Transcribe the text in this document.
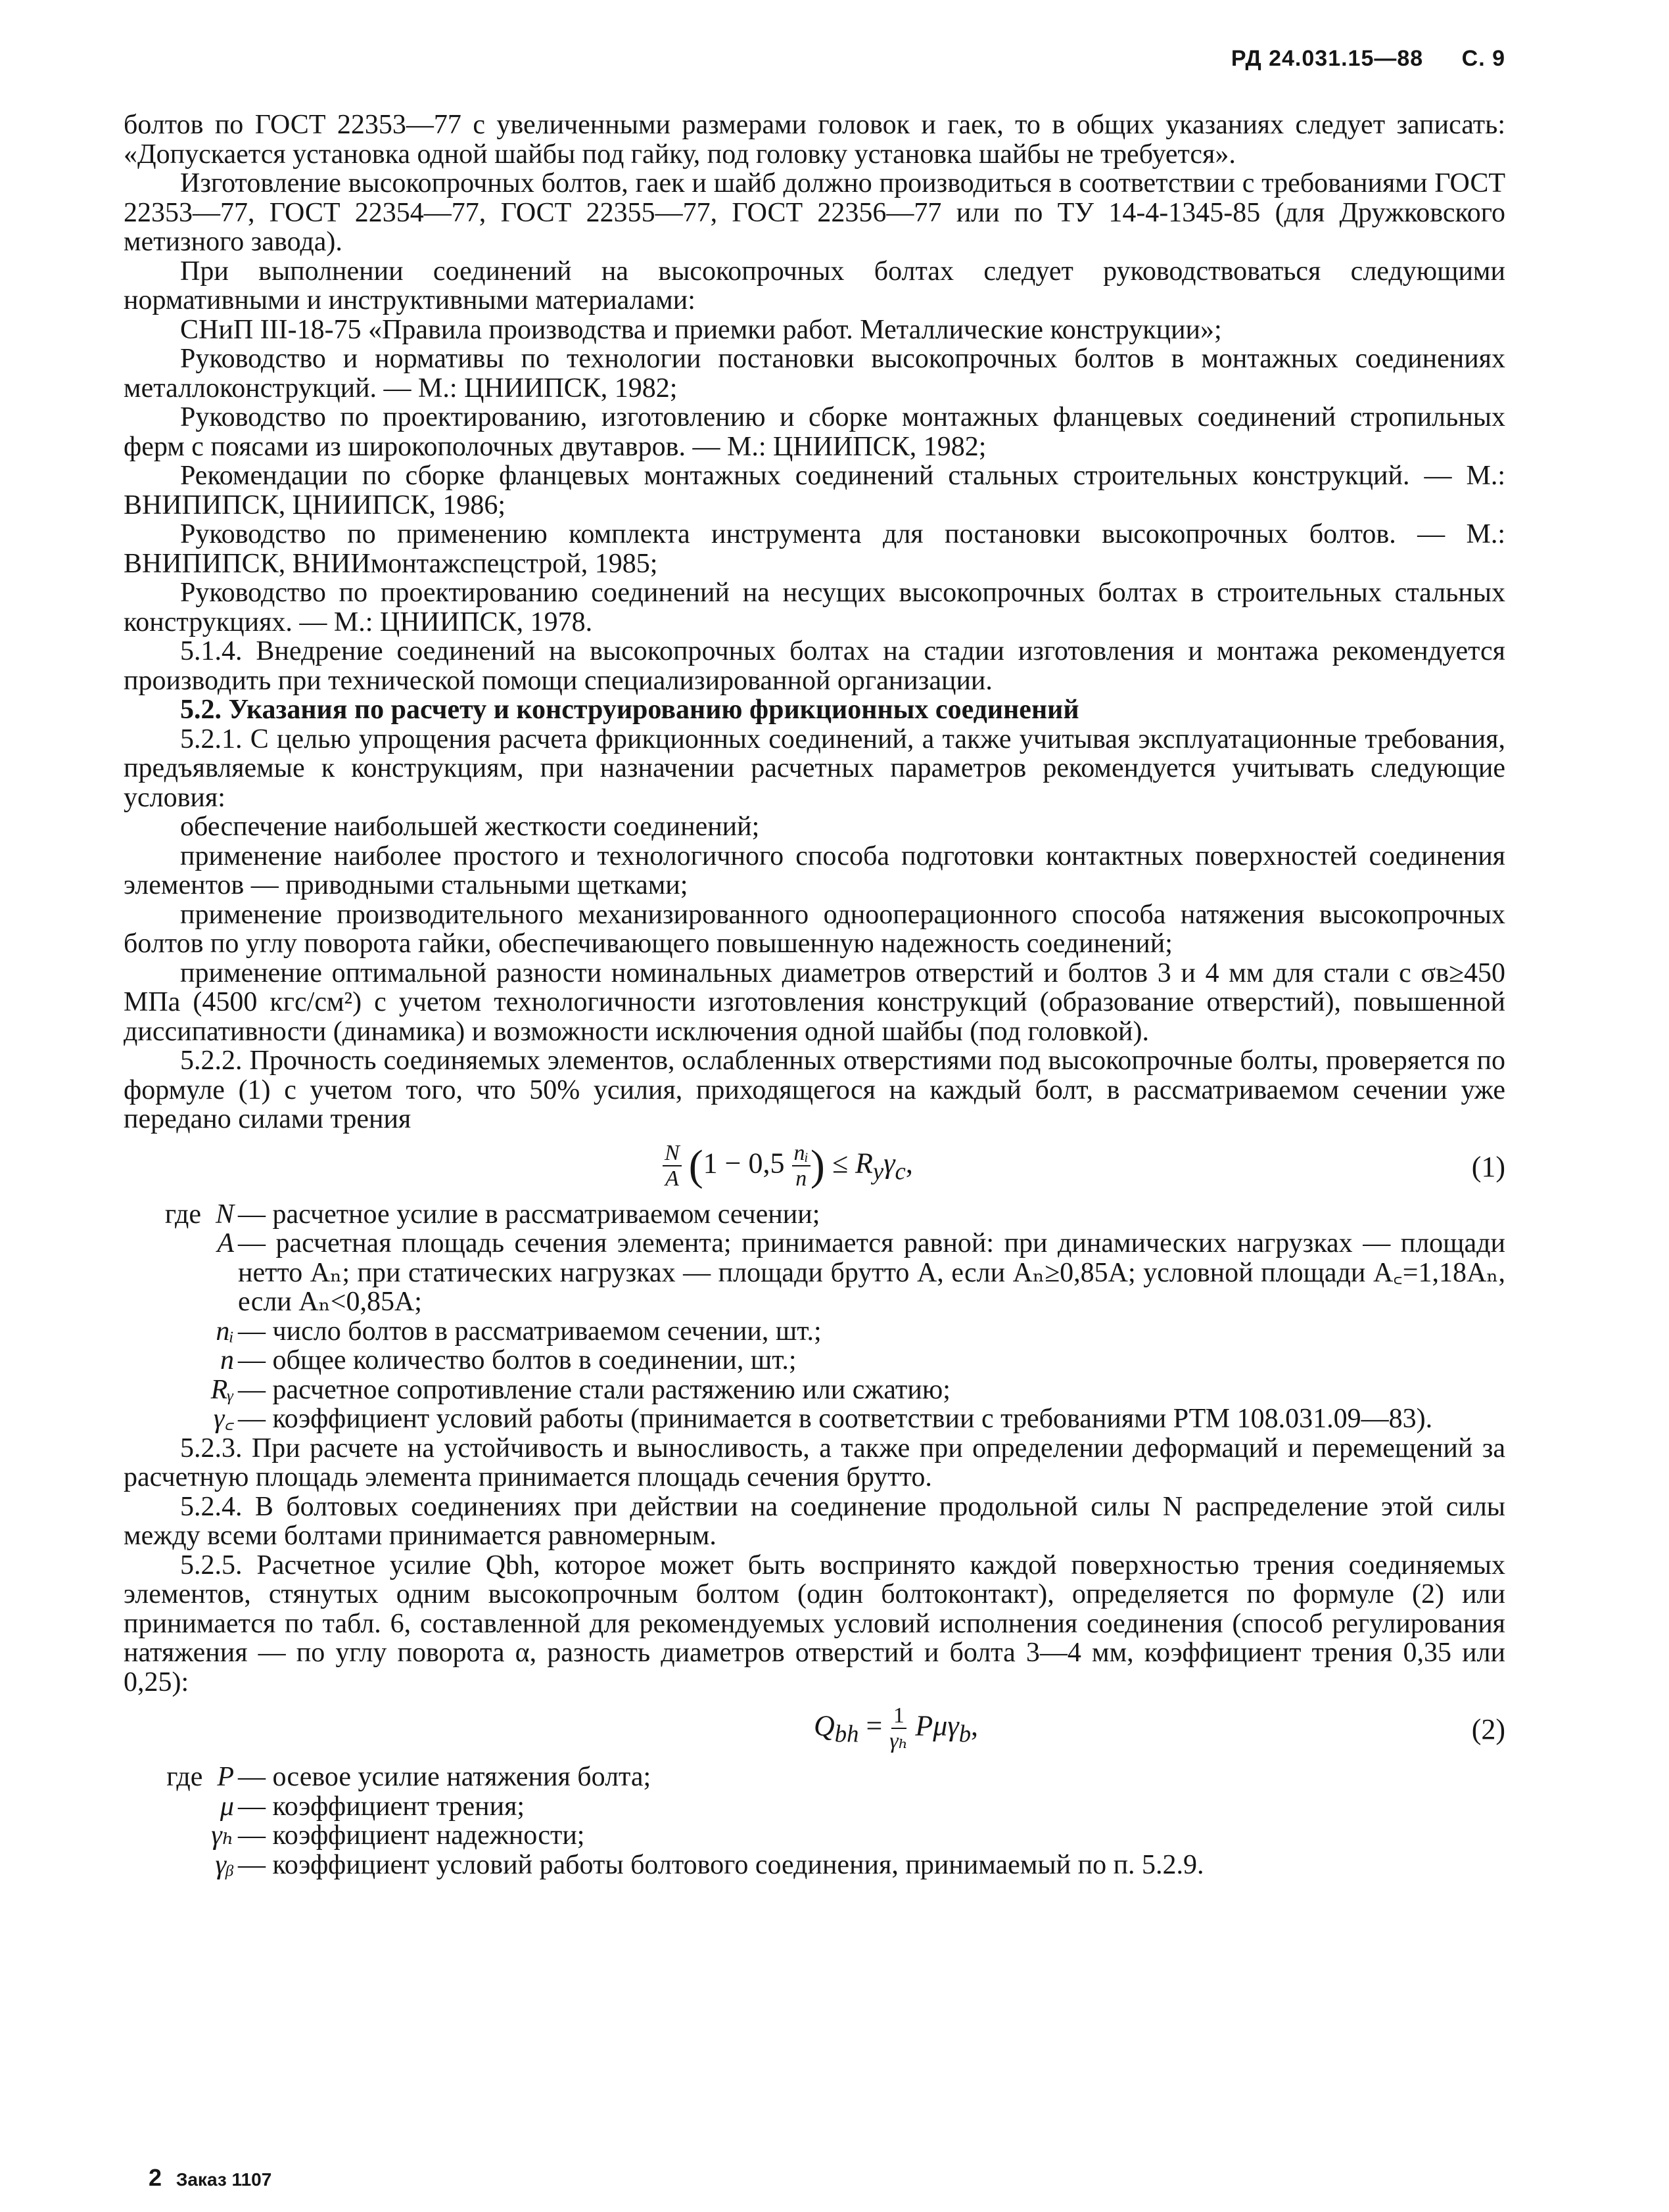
РД 24.031.15—88 С. 9

болтов по ГОСТ 22353—77 с увеличенными размерами головок и гаек, то в общих указаниях следует записать: «Допускается установка одной шайбы под гайку, под головку установка шайбы не требуется».

Изготовление высокопрочных болтов, гаек и шайб должно производиться в соответствии с требованиями ГОСТ 22353—77, ГОСТ 22354—77, ГОСТ 22355—77, ГОСТ 22356—77 или по ТУ 14-4-1345-85 (для Дружковского метизного завода).

При выполнении соединений на высокопрочных болтах следует руководствоваться следующими нормативными и инструктивными материалами:

СНиП III-18-75 «Правила производства и приемки работ. Металлические конструкции»;

Руководство и нормативы по технологии постановки высокопрочных болтов в монтажных соединениях металлоконструкций. — М.: ЦНИИПСК, 1982;

Руководство по проектированию, изготовлению и сборке монтажных фланцевых соединений стропильных ферм с поясами из широкополочных двутавров. — М.: ЦНИИПСК, 1982;

Рекомендации по сборке фланцевых монтажных соединений стальных строительных конструкций. — М.: ВНИПИПСК, ЦНИИПСК, 1986;

Руководство по применению комплекта инструмента для постановки высокопрочных болтов. — М.: ВНИПИПСК, ВНИИмонтажспецстрой, 1985;

Руководство по проектированию соединений на несущих высокопрочных болтах в строительных стальных конструкциях. — М.: ЦНИИПСК, 1978.

5.1.4. Внедрение соединений на высокопрочных болтах на стадии изготовления и монтажа рекомендуется производить при технической помощи специализированной организации.

5.2. Указания по расчету и конструированию фрикционных соединений

5.2.1. С целью упрощения расчета фрикционных соединений, а также учитывая эксплуатационные требования, предъявляемые к конструкциям, при назначении расчетных параметров рекомендуется учитывать следующие условия:

обеспечение наибольшей жесткости соединений;

применение наиболее простого и технологичного способа подготовки контактных поверхностей соединения элементов — приводными стальными щетками;

применение производительного механизированного однооперационного способа натяжения высокопрочных болтов по углу поворота гайки, обеспечивающего повышенную надежность соединений;

применение оптимальной разности номинальных диаметров отверстий и болтов 3 и 4 мм для стали с σв≥450 МПа (4500 кгс/см²) с учетом технологичности изготовления конструкций (образование отверстий), повышенной диссипативности (динамика) и возможности исключения одной шайбы (под головкой).

5.2.2. Прочность соединяемых элементов, ослабленных отверстиями под высокопрочные болты, проверяется по формуле (1) с учетом того, что 50% усилия, приходящегося на каждый болт, в рассматриваемом сечении уже передано силами трения

$\frac{N}{A} (1 - 0,5 \frac{\text{nᵢ}}{n}$ ) ≤ $R_y\gamma_c$,	(1)
где N — расчетное усилие в рассматриваемом сечении;
A — расчетная площадь сечения элемента; принимается равной: при динамических нагрузках — площади нетто Aₙ; при статических нагрузках — площади брутто A, если Aₙ≥0,85A; условной площади A꜀=1,18Aₙ, если Aₙ<0,85A;
nᵢ — число болтов в рассматриваемом сечении, шт.;
n — общее количество болтов в соединении, шт.;
Rᵧ — расчетное сопротивление стали растяжению или сжатию;
γ꜀ — коэффициент условий работы (принимается в соответствии с требованиями РТМ 108.031.09—83).

5.2.3. При расчете на устойчивость и выносливость, а также при определении деформаций и перемещений за расчетную площадь элемента принимается площадь сечения брутто.

5.2.4. В болтовых соединениях при действии на соединение продольной силы N распределение этой силы между всеми болтами принимается равномерным.

5.2.5. Расчетное усилие Qbh, которое может быть воспринято каждой поверхностью трения соединяемых элементов, стянутых одним высокопрочным болтом (один болтоконтакт), определяется по формуле (2) или принимается по табл. 6, составленной для рекомендуемых условий исполнения соединения (способ регулирования натяжения — по углу поворота α, разность диаметров отверстий и болта 3—4 мм, коэффициент трения 0,35 или 0,25):

$Q_{bh} = \frac{1}{\text{γₕ}} P\mu\gamma_b$,	(2)
где P — осевое усилие натяжения болта;
μ — коэффициент трения;
γₕ — коэффициент надежности;
γᵦ — коэффициент условий работы болтового соединения, принимаемый по п. 5.2.9.
2 Заказ 1107
